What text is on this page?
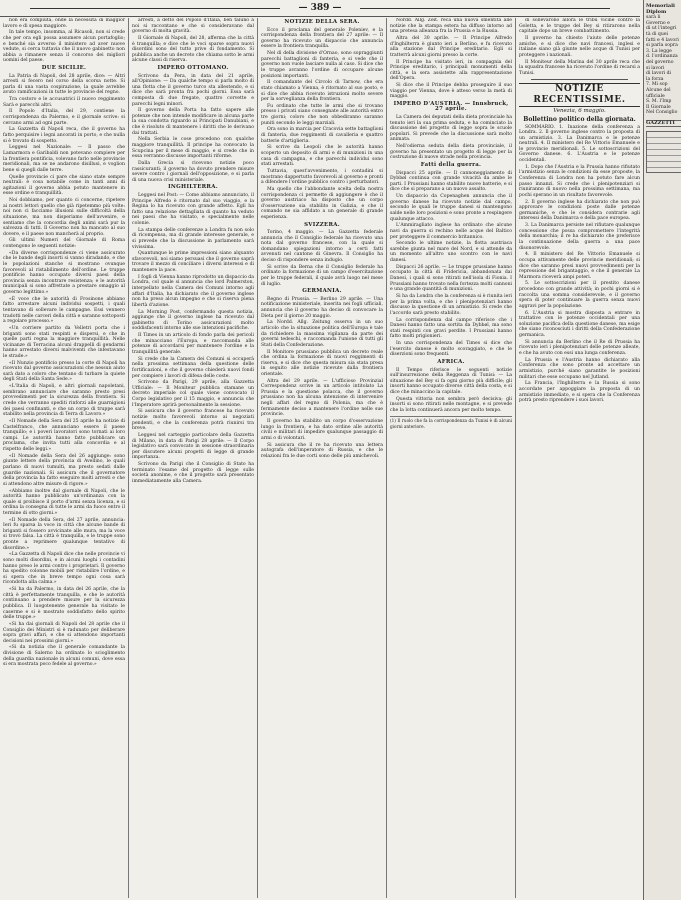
— 389 —

non era compiuta, onde la necessità di maggior lavoro e di spesa maggiore.

In tale tempo, insomma, al Ricasoli, non si crede che per ora egli possa assumere alcun portafoglio; e benché sia avverso il ministero ad aver nuove vedute, si cerca tuttavia che il nuovo gabinetto non abbia a rimanere senza il concorso dei migliori uomini del paese.

DUE SICILIE.

La Patria di Napoli, del 28 aprile, dice: — Altri arresti si fecero nel corso della scorsa notte. Si parla di una vasta cospirazione, la quale avrebbe avuto ramificazioni in tutte le provincie del regno.

Tra costoro e le accusatrici il nuovo reggimento Sarà e parecchi altri.

Il Popolo d'Italia, del 29, contiene la corrispondenza da Palermo, e il giornale scrive: si cercano armi ad ogni parte.

La Gazzetta di Napoli reca, che il governo ha fatto perquisire i legni ancorati in porto, e che nulla si è trovato di sospetto.

Leggesi nel Nazionale: — Il passo che Lamarmora e Garibaldi non potevano compiere per la frontiera pontificia, volevano farlo nelle provincie meridionali, ma se ne andarono disillusi, e voglion bene si quegli dalle terre.

Quelle provincie ci pare che siano state sempre neutrali: è cosa notabile come in tanti anni di agitazioni il governo abbia potuto mantenere in esse ordine e tranquillità.

Noi dobbiamo, per quanto ci concerne, ripetere ai nostri lettori quello che già ripetemmo più volte: noi non ci facciamo illusioni sulle difficoltà della situazione, ma non disperiamo dell'avvenire, e sentiamo che la concordia degli animi sarà pur la salvezza di tutti. Il Governo non ha mancato al suo dovere, e il paese non mancherà al proprio.

Gli ultimi Numeri del Giornale di Roma contengono le seguenti notizie:

«Da diverse corrispondenze ci viene assicurato che le bande degli insorti si vanno diradando, e che le popolazioni stanche si mostrano ovunque favorevoli al ristabilimento dell'ordine. Le truppe pontificie hanno occupato diversi paesi della provincia senza incontrare resistenza; e le autorità municipali si sono affrettate a prestare omaggio al governo legittimo.»

«È voce che le autorità di Frosinone abbiano fatto arrestare alcuni individui sospetti, i quali tentavano di sollevare le campagne. Essi vennero tradotti nelle carceri della città e saranno sottoposti a regolare processo.»

«Un corriere partito da Velletri porta che i briganti sono stati respinti e dispersi, e che in quelle parti regna la maggiore tranquillità. Nelle vicinanze di Terracina alcuni drappelli di gendarmi hanno arrestato diversi malviventi che infestavano le strade.»

«Il Nunzio pontificio presso la corte di Napoli ha ricevuto dal governo assicurazioni che nessun aiuto sarà dato a coloro che tentano di turbare la quiete degli Stati della Santa Sede.»

«L'Italia di Napoli, e altri giornali napoletani, sembrano annunciare che saranno presto presi provvedimenti per la sicurezza della frontiera. Si crede che verranno spediti rinforzi alle guarnigioni dei paesi confinanti, e che un corpo di truppe sarà stabilito nella provincia di Terra di Lavoro.»

«Il Nomade della Sera del 25 aprile ha notizie di Castelfranco, che annunciano essere il paese tranquillo; e i poveri lavoratori sono tornati ai loro campi. Le autorità hanno fatto pubblicare un proclama, che invita tutti alla concordia e al rispetto delle leggi.»

«Il Nomade della Sera del 26 aggiunge: sono giunte lettere della provincia di Avellino, le quali parlano di nuovi tumulti, ma presto sedati dalle guardie nazionali. Si assicura che il governatore della provincia ha fatto eseguire molti arresti e che si attendono altre misure di rigore.»

«Abbiamo inoltre dal giornale di Napoli, che le autorità hanno pubblicato un'ordinanza con la quale si proibisce il porto d'armi senza licenza, e si ordina la consegna di tutte le armi da fuoco entro il termine di otto giorni.»

«Il Nomade della Sera, del 27 aprile, annuncia: Ieri fu sparsa la voce in città che alcune bande di briganti si fossero avvicinate alle mura, ma la voce si trovò falsa. La città è tranquilla, e le truppe sono pronte a reprimere qualunque tentativo di disordine.»

«La Gazzetta di Napoli dice che nelle provincie vi sono molti disordini, e in alcuni luoghi i contadini hanno preso le armi contro i proprietari. Il governo ha spedito colonne mobili per ristabilire l'ordine, e si spera che in breve tempo ogni cosa sarà ricondotta alla calma.»

«Si ha da Palermo, in data del 26 aprile, che la città è perfettamente tranquilla, e che le autorità continuano a prendere misure per la sicurezza pubblica. Il luogotenente generale ha visitato le caserme e si è mostrato soddisfatto dello spirito delle truppe.»

«Si ha dai giornali di Napoli del 28 aprile che il Consiglio dei Ministri si è radunato per deliberare sopra gravi affari, e che si attendono importanti decisioni nei prossimi giorni.»

«Si da notizia che il generale comandante la divisione di Salerno ha ordinato lo scioglimento della guardia nazionale in alcuni comuni, dove essa si era mostrata poco fedele al governo.»

arresti, a detto del Popolo d'Italia, ben taluno a noi si raccontano e che si consideravano dal governo di molta gravità.

Il Giornale di Napoli, del 28, afferma che la città è tranquilla; e dice che le voci sparse sopra nuovi disordini sono del tutto prive di fondamento. Si pubblica anche un decreto che chiama sotto le armi alcune classi di riserva.

IMPERO OTTOMANO.

Scrivono da Pera, in data del 21 aprile, all'Opinione: — Da qualche tempo si parla molto di una flotta che il governo turco sta allestendo, e si dice che sarà pronta fra pochi giorni. Essa sarà composta di due fregate, quattro corvette e parecchi legni minori.

Il governo della Porta ha fatto sapere alle potenze che non intende modificare in alcuna parte la sua condotta riguardo ai Principati Danubiani, e che è risoluto di mantenere i diritti che le derivano dai trattati.

Nella Serbia le cose procedono con qualche maggiore tranquillità. Il principe ha convocato la Scupcina per il mese di maggio, e si crede che in essa verranno discusse importanti riforme.

Dalla Grecia si ricevono notizie poco rassicuranti; il governo ha dovuto prendere misure severe contro i giornali dell'opposizione, e si parla di una nuova crisi ministeriale.

INGHILTERRA.

Leggesi nel Post: — Come abbiamo annunciato, il Principe Alfredo è ritornato dal suo viaggio, e la Regina lo ha ricevuto con grande affetto. Egli ha fatto una relazione dettagliata di quanto ha veduto nei paesi che ha visitato, e specialmente nelle colonie.

La stampa delle conferenze a Londra fu non solo di ricompensa, ma di grande interesse generale, e si prevede che la discussione in parlamento sarà vivissima.

Quantunque le prime impressioni siano alquanto sfavorevoli, noi siamo persuasi che il governo saprà trovare il mezzo di conciliare i diversi interessi e di mantenere la pace.

I fogli di Vienna hanno riprodotto un dispaccio da Londra, col quale si annuncia che lord Palmerston, interpellato nella Camera dei Comuni intorno agli affari d'Italia, ha dichiarato che il governo inglese non ha preso alcun impegno e che si riserva piena libertà d'azione.

La Morning Post, confermando questa notizia, aggiunge che il governo inglese ha ricevuto dal gabinetto di Torino assicurazioni molto soddisfacenti intorno alle sue intenzioni pacifiche.

Il Times in un articolo di fondo parla dei pericoli che minacciano l'Europa, e raccomanda alle potenze di accordarsi per mantenere l'ordine e la tranquillità generale.

Si crede che la Camera dei Comuni si occuperà nella prossima settimana della questione delle fortificazioni, e che il governo chiederà nuovi fondi per compiere i lavori di difesa delle coste.

Scrivono da Parigi, 29 aprile, alla Gazzetta Ufficiale: — Il Moniteur pubblica stamane un decreto imperiale col quale viene convocato il Corpo legislativo per il 15 maggio, e annuncia che l'Imperatore aprirà personalmente la sessione.

Si assicura che il governo francese ha ricevuto notizie molto favorevoli intorno ai negoziati pendenti, e che la conferenza potrà riunirsi tra breve.

Leggesi nel carteggio particolare della Gazzetta di Milano, in data di Parigi 28 aprile: — Il Corpo legislativo sarà convocato in sessione straordinaria per discutere alcuni progetti di legge di grande importanza.

Scrivono da Parigi che il Consiglio di Stato ha terminato l'esame del progetto di legge sulle società anonime, e che il progetto sarà presentato immediatamente alla Camera.

NOTIZIE DELLA SERA.

Ecco il proclama del generale Poleniev, e la corrispondenza della frontiera del 27 aprile: — Il governo ha ricevuto un dispaccio che annuncia essere la frontiera tranquilla.

Nel dì della divisione d'Ornao, sono sopraggiunti parecchi battaglioni di fanteria, e si vede che il governo non vuole lasciare nulla al caso. Si dice che le truppe avranno l'ordine di occupare alcune posizioni importanti.

Il comandante del Circolo di Tarnow, che era stato chiamato a Vienna, è ritornato al suo posto, e si dice che abbia ricevuto istruzioni molto severe per la sorveglianza della frontiera.

Fu ordinato che tutte le armi che si trovano presso i privati siano consegnate alle autorità entro tre giorni; coloro che non obbediranno saranno puniti secondo le leggi marziali.

Ora sono in marcia per Cracovia sette battaglioni di fanteria, due reggimenti di cavalleria e quattro batterie d'artiglieria.

Si scrive da Leopoli che le autorità hanno scoperto un deposito di armi e di munizioni in una casa di campagna, e che parecchi individui sono stati arrestati.

Tuttavia, quest'avvenimento, i contadini si mostrano dappertutto favorevoli al governo e pronti a difendere l'ordine pubblico contro i perturbatori.

Ma quello che l'abbondante scelta della nostra corrispondenza ci permette di aggiungere è che il governo austriaco ha disposto che un corpo d'osservazione sia stabilito in Galizia, e che il comando ne sia affidato a un generale di grande esperienza.

SVIZZERA.

Torino, 4 maggio. — La Gazzetta federale annuncia che il Consiglio federale ha ricevuto una nota dal governo francese, con la quale si domandano spiegazioni intorno a certi fatti avvenuti nel cantone di Ginevra. Il Consiglio ha deciso di rispondere senza indugio.

Si scrive da Berna che il Consiglio federale ha ordinato la formazione di un campo d'esercitazione per le truppe federali, il quale avrà luogo nel mese di luglio.

GERMANIA.

Regno di Prussia. — Berlino 29 aprile. — Una notificazione ministeriale, inserita nei fogli ufficiali, annuncia che il governo ha deciso di convocare la Dieta per il giorno 20 maggio.

La Nordd. Allg. Zeitung osserva in un suo articolo che la situazione politica dell'Europa è tale da richiedere la massima vigilanza da parte dei governi tedeschi, e raccomanda l'unione di tutti gli Stati della Confederazione.

Il Monitore prussiano pubblica un decreto reale che ordina la formazione di nuovi reggimenti di riserva, e si dice che questa misura sia stata presa in seguito alle notizie ricevute dalla frontiera orientale.

Altra del 29 aprile. — L'ufficioso Provinzial Correspondenz scrive in un articolo intitolato La Prussia e la questione polacca, che il governo prussiano non ha alcuna intenzione di intervenire negli affari del regno di Polonia, ma che è fermamente deciso a mantenere l'ordine nelle sue provincie.

Il governo ha stabilito un corpo d'osservazione lungo la frontiera, e ha dato ordine alle autorità civili e militari di impedire qualunque passaggio di armi o di volontari.

Si assicura che il re ha ricevuto una lettera autografa dell'imperatore di Russia, e che le relazioni fra le due corti sono delle più amichevoli.

Nordd. Allg. Zeit. reca una nuova smentita alle notizie che la stampa estera ha diffuso intorno ad una pretesa alleanza fra la Prussia e la Russia.

Altra del 30 aprile. — Il Principe Alfredo d'Inghilterra è giunto ieri a Berlino, e fu ricevuto alla stazione dal Principe ereditario. Egli si tratterrà alcuni giorni presso la corte.

Il Principe ha visitato ieri, in compagnia del Principe ereditario, i principali monumenti della città, e la sera assistette alla rappresentazione dell'Opera.

Si dice che il Principe debba proseguire il suo viaggio per Vienna, dove è atteso verso la metà di maggio.

IMPERO D'AUSTRIA. — Innsbruck, 27 aprile.

La Camera dei deputati della dieta provinciale ha tenuto ieri la sua prima seduta, e ha cominciato la discussione del progetto di legge sopra le scuole popolari. Si prevede che la discussione sarà molto animata.

Nell'odierna seduta della dieta provinciale, il governo ha presentato un progetto di legge per la costruzione di nuove strade nella provincia.

Fatti della guerra.

Dispacci 25 aprile. — Il cannoneggiamento di Dybbøl continua con grande vivacità da ambe le parti. I Prussiani hanno stabilito nuove batterie, e si dice che si preparano a un nuovo assalto.

Un dispaccio da Copenaghen annuncia che il governo danese ha ricevuto notizie dal campo, secondo le quali le truppe danesi si mantengono salde nelle loro posizioni e sono pronte a respingere qualunque attacco.

L'Ammiragliato inglese ha ordinato che alcune navi da guerra si rechino nelle acque del Baltico per proteggere il commercio britannico.

Secondo le ultime notizie, la flotta austriaca sarebbe giunta nel mare del Nord, e si attende da un momento all'altro uno scontro con le navi danesi.

Dispacci 26 aprile. — Le truppe prussiane hanno occupato la città di Fridericia, abbandonata dai Danesi, i quali si sono ritirati nell'isola di Fionia. I Prussiani hanno trovato nella fortezza molti cannoni e una grande quantità di munizioni.

Si ha da Londra che la conferenza si è riunita ieri per la prima volta, e che i plenipotenziari hanno discusso la questione di un armistizio. Si crede che l'accordo sarà presto stabilito.

La corrispondenza dal campo riferisce che i Danesi hanno fatto una sortita da Dybbøl, ma sono stati respinti con gravi perdite. I Prussiani hanno fatto molti prigionieri.

In una corrispondenza del Times si dice che l'esercito danese è molto scoraggiato, e che le diserzioni sono frequenti.

AFRICA.

Il Tempo riferisce le seguenti notizie sull'insurrezione della Reggenza di Tunisi: — La situazione del Bey si fa ogni giorno più difficile; gli insorti hanno occupato diverse città della costa, e si dice che minaccino la capitale.

Questa vittoria non sembra però decisiva; gli insorti si sono ritirati nelle montagne, e si prevede che la lotta continuerà ancora per molto tempo.

(1) Il ruolo che fa la corrispondenza da Tunisi è di alcuni giorni anteriore.

di sollevarono allora le tribù vicine contro la Goletta, e le truppe del Bey si ritirarono nella capitale dopo un breve combattimento.

Il governo ha chiesto l'aiuto delle potenze amiche, e si dice che navi francesi, inglesi e italiane siano già giunte nelle acque di Tunisi per proteggere i nazionali.

Il Moniteur della Marina del 30 aprile reca che la squadra francese ha ricevuto l'ordine di recarsi a Tunisi.

NOTIZIE RECENTISSIME.
Venezia, 6 maggio.
Bollettino politico della giornata.

SOMMARIO. 1. Inazione della conferenza a Londra. 2. Il governo inglese contro la proposta di un armistizio. 3. La Danimarca e le potenze neutrali. 4. Il ministero del Re Vittorio Emanuele e le provincie meridionali. 5. Le sottoscrizioni del Governo danese. 6. L'Austria e le potenze occidentali.

1. Dopo che l'Austria e la Prussia hanno rifiutato l'armistizio senza le condizioni da esse proposte, la Conferenza di Londra non ha potuto fare alcun passo innanzi. Si crede che i plenipotenziari si riuniranno di nuovo nella prossima settimana, ma pochi sperano in un risultato favorevole.

2. Il governo inglese ha dichiarato che non può approvare le condizioni poste dalle potenze germaniche, e che le considera contrarie agli interessi della Danimarca e della pace europea.

3. La Danimarca persiste nel rifiutare qualunque concessione che possa compromettere l'integrità della monarchia; il re ha dichiarato che preferisce la continuazione della guerra a una pace disonorevole.

4. Il ministero del Re Vittorio Emanuele si occupa attivamente delle provincie meridionali; si dice che saranno presi nuovi provvedimenti per la repressione del brigantaggio, e che il generale La Marmora riceverà ampi poteri.

5. Le sottoscrizioni per il prestito danese procedono con grande attività; in pochi giorni si è raccolta una somma considerevole, e il governo spera di poter continuare la guerra senza nuovi aggravi per la popolazione.

6. L'Austria si mostra disposta a entrare in trattative con le potenze occidentali per una soluzione pacifica della questione danese, ma esige che siano riconosciuti i diritti della Confederazione germanica.

Si annuncia da Berlino che il Re di Prussia ha ricevuto ieri i plenipotenziari delle potenze alleate, e che ha avuto con essi una lunga conferenza.

La Prussia e l'Austria hanno dichiarato alla Conferenza che sono pronte ad accettare un armistizio, purché siano garantite le posizioni militari che esse occupano nel Jutland.

La Francia, l'Inghilterra e la Russia si sono accordate per appoggiare la proposta di un armistizio immediato, e si spera che la Conferenza potrà presto riprendere i suoi lavori.

Memoriali Diplom
sarà li Governo e
di ut l'integri
tà di quei
fatti e 4 lavori
si parla sopra
3. La legge
d. l'ordinanza
del governo
si lavori
di lavori di
la forza
7. Mi sop
Alcune del
ufficiale
S. M. l'Imp
Il Giornale
Nel Consiglio
GAZZETTI
